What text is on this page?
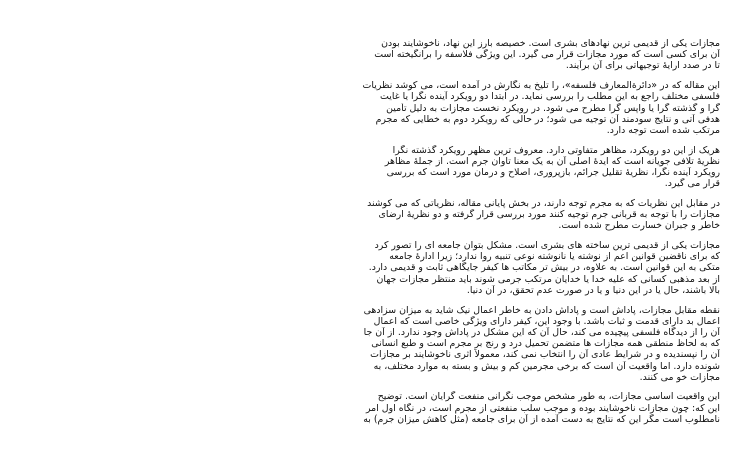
مجازات یکی از قدیمی ترین نهادهای بشری است. خصیصه بارز این نهاد، ناخوشایند بودن
آن برای کسی است که مورد مجازات قرار می گیرد. این ویژگی فلاسفه را برانگیخته است
تا در صدد ارایهٔ توجیهاتی برای آن برآیند.
این مقاله که در «دائرةالمعارف فلسفه»، را تلیخ به نگارش در آمده است، می کوشد نظریات
فلسفی مختلف راجع به این مطلب را بررسی نماید. در ابتدا دو رویکرد آینده نگرا یا غایت
گرا و گذشته گرا یا واپس گرا مطرح می شود. در رویکرد نخست مجازات به دلیل تأمین
هدفی آتی و نتایج سودمند آن توجیه می شود؛ در حالی که رویکرد دوم به خطایی که مجرم
مرتکب شده است توجه دارد.
هریک از این دو رویکرد، مظاهر متفاوتی دارد. معروف ترین مظهر رویکرد گذشته نگرا
نظریهٔ تلافی جویانه است که ایدهٔ اصلی آن به یک معنا تاوان جرم است. از جملهٔ مظاهر
رویکرد آینده نگرا، نظریهٔ تقلیل جرائم، بازپروری، اصلاح و درمان مورد است که بررسی
قرار می گیرد.
در مقابل این نظریات که به مجرم توجه دارند، در بخش پایانی مقاله، نظریاتی که می کوشند
مجازات را با توجه به قربانی جرم توجیه کنند مورد بررسی قرار گرفته و دو نظریهٔ ارضای
خاطر و جبران خسارت مطرح شده است.
مجازات یکی از قدیمی ترین ساخته های بشری است. مشکل بتوان جامعه ای را تصور کرد
که برای ناقضین قوانین اعم از نوشته یا نانوشته نوعی تنبیه روا ندارد؛ زیرا ادارهٔ جامعه
متکی به این قوانین است. به علاوه، در بیش تر مکاتب ها کیفر جایگاهی ثابت و قدیمی دارد.
از بعد مذهبی کسانی که علیه خدا یا خدایان مرتکب جرمی شوند باید منتظر مجازات جهان
بالا باشند، حال یا در این دنیا و یا در صورت عدم تحقق، در آن دنیا.
نقطه مقابل مجازات، پاداش است و پاداش دادن به خاطر اعمال نیک شاید به میزان سزادهی
اعمال بد دارای قدمت و ثبات باشد. با وجود این، کیفر دارای ویژگی خاصی است که اعمال
آن را از دیدگاه فلسفی پیچیده می کند، حال آن که این مشکل در پاداش وجود ندارد. از آن جا
که به لحاظ منطقی همه مجازات ها متضمن تحمیل درد و رنج بر مجرم است و طبع انسانی
آن را نپسندیده و در شرایط عادی آن را انتخاب نمی کند، معمولاً اثری ناخوشایند بر مجازات
شونده دارد. اما واقعیت آن است که برخی مجرمین کم و بیش و بسته به موارد مختلف، به
مجازات خو می کنند.
این واقعیت اساسی مجازات، به طور مشخص موجب نگرانی منفعت گرایان است. توضیح
این که: چون مجازات ناخوشایند بوده و موجب سلب منفعتی از مجرم است، در نگاه اول امر
نامطلوب است مگر این که نتایج به دست آمده از آن برای جامعه (مثل کاهش میزان جرم) به
